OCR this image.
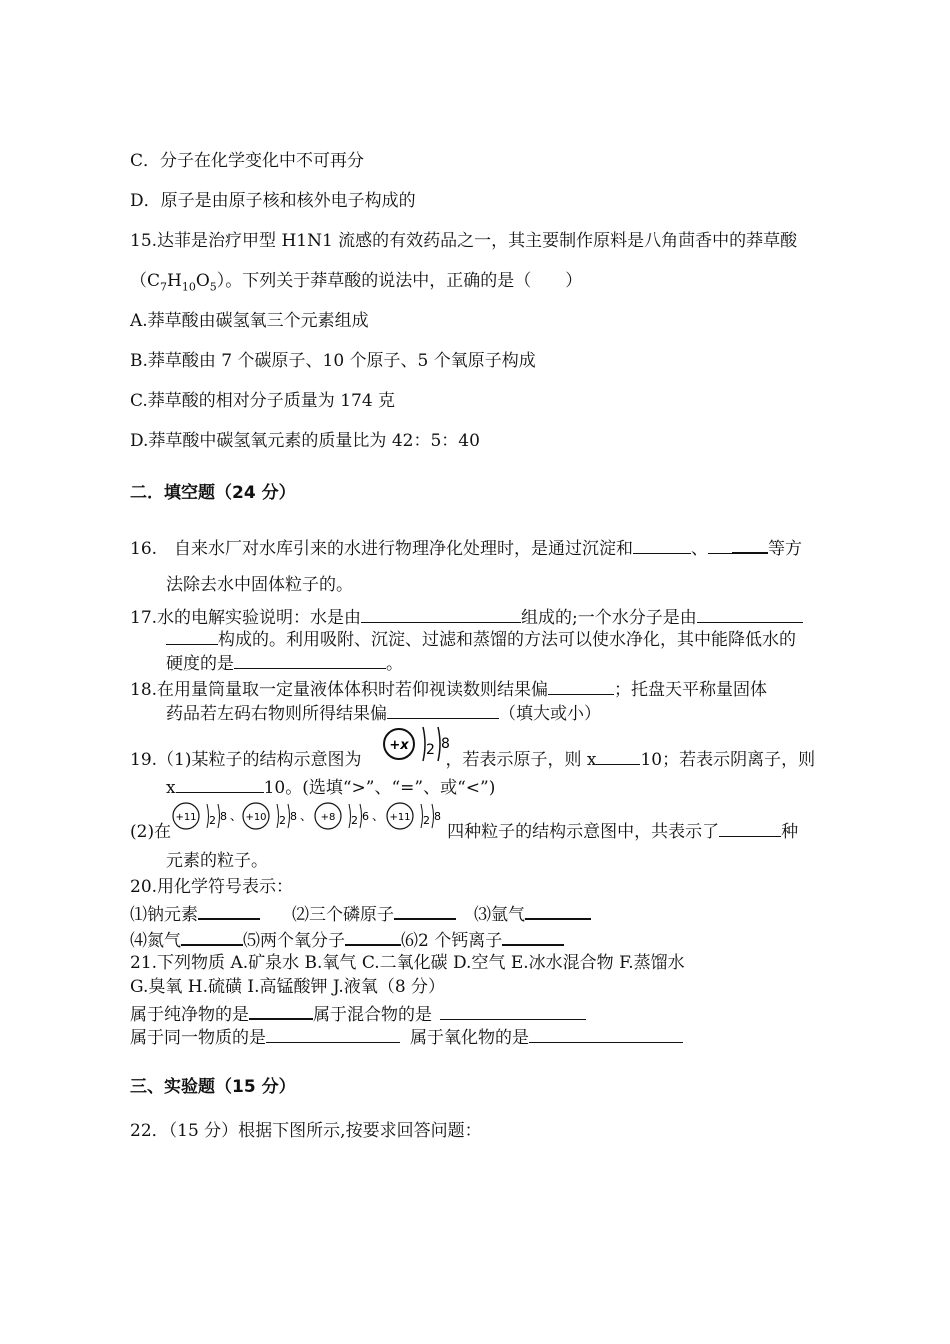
C．分子在化学变化中不可再分
D．原子是由原子核和核外电子构成的
15.达菲是治疗甲型 H1N1 流感的有效药品之一，其主要制作原料是八角茴香中的莽草酸
$(C_7H_{10}O_5)$。下列关于莽草酸的说法中，正确的是（　　）
A.莽草酸由碳氢氧三个元素组成
B.莽草酸由 7 个碳原子、10 个原子、5 个氧原子构成
C.莽草酸的相对分子质量为 174 克
D.莽草酸中碳氢氧元素的质量比为 42：5：40
二．填空题（24 分）
16.　自来水厂对水库引来的水进行物理净化处理时，是通过沉淀和	、	等方
法除去水中固体粒子的。
17.水的电解实验说明：水是由	组成的;一个水分子是由
构成的。利用吸附、沉淀、过滤和蒸馏的方法可以使水净化，其中能降低水的
硬度的是	。
18.在用量筒量取一定量液体体积时若仰视读数则结果偏	；托盘天平称量固体
药品若左码右物则所得结果偏	（填大或小）
19.（1)某粒子的结构示意图为	，若表示原子，则 x	10；若表示阴离子，则
+x 2 8
x	10。(选填“>”、“=”、或“<”)
(2)在	四种粒子的结构示意图中，共表示了	种
+11 2 8 、 +10 2 8 、 +8 2 6 、 +11 2 8
元素的粒子。
20.用化学符号表示：
⑴钠元素	⑵三个磷原子	⑶氩气
⑷氮气	⑸两个氧分子	⑹2 个钙离子
21.下列物质 A.矿泉水 B.氧气 C.二氧化碳 D.空气 E.冰水混合物 F.蒸馏水
G.臭氧 H.硫磺 I.高锰酸钾 J.液氧（8 分）
属于纯净物的是	属于混合物的是
属于同一物质的是	属于氧化物的是
三、实验题（15 分）
22．（15 分）根据下图所示,按要求回答问题：
